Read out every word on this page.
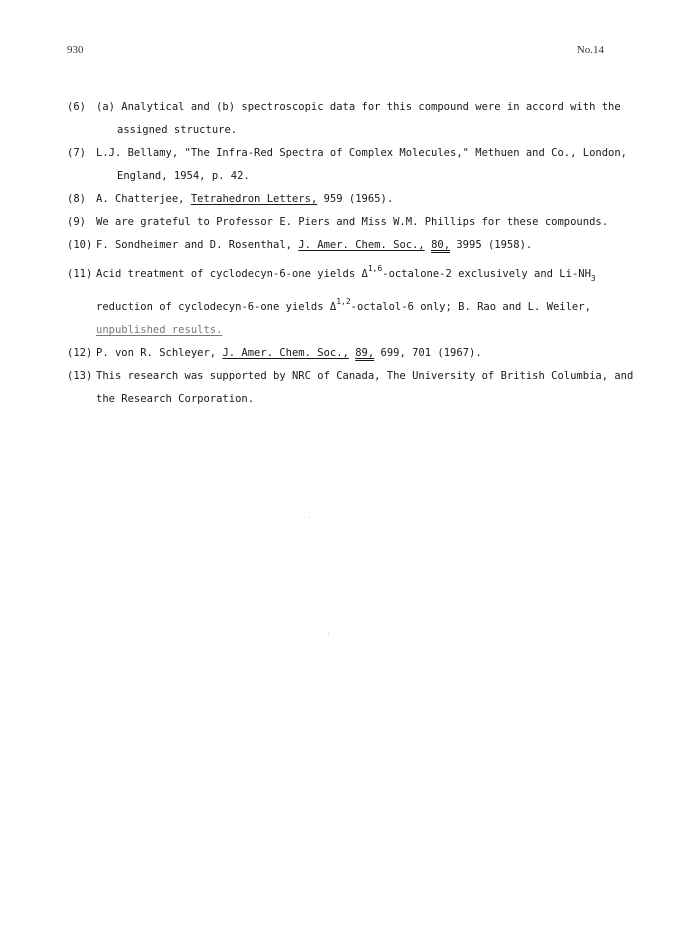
930	No.14
(6) (a) Analytical and (b) spectroscopic data for this compound were in accord with the
assigned structure.
(7) L.J. Bellamy, "The Infra-Red Spectra of Complex Molecules," Methuen and Co., London,
England, 1954, p. 42.
(8) A. Chatterjee, Tetrahedron Letters, 959 (1965).
(9) We are grateful to Professor E. Piers and Miss W.M. Phillips for these compounds.
(10) F. Sondheimer and D. Rosenthal, J. Amer. Chem. Soc., 80, 3995 (1958).
(11) Acid treatment of cyclodecyn-6-one yields Δ$^{1,6}$-octalone-2 exclusively and $Li-NH_3$
reduction of cyclodecyn-6-one yields Δ$^{1,2}$-octalol-6 only; B. Rao and L. Weiler,
unpublished results.
(12) P. von R. Schleyer, J. Amer. Chem. Soc., 89, 699, 701 (1967).
(13) This research was supported by NRC of Canada, The University of British Columbia, and
the Research Corporation.
